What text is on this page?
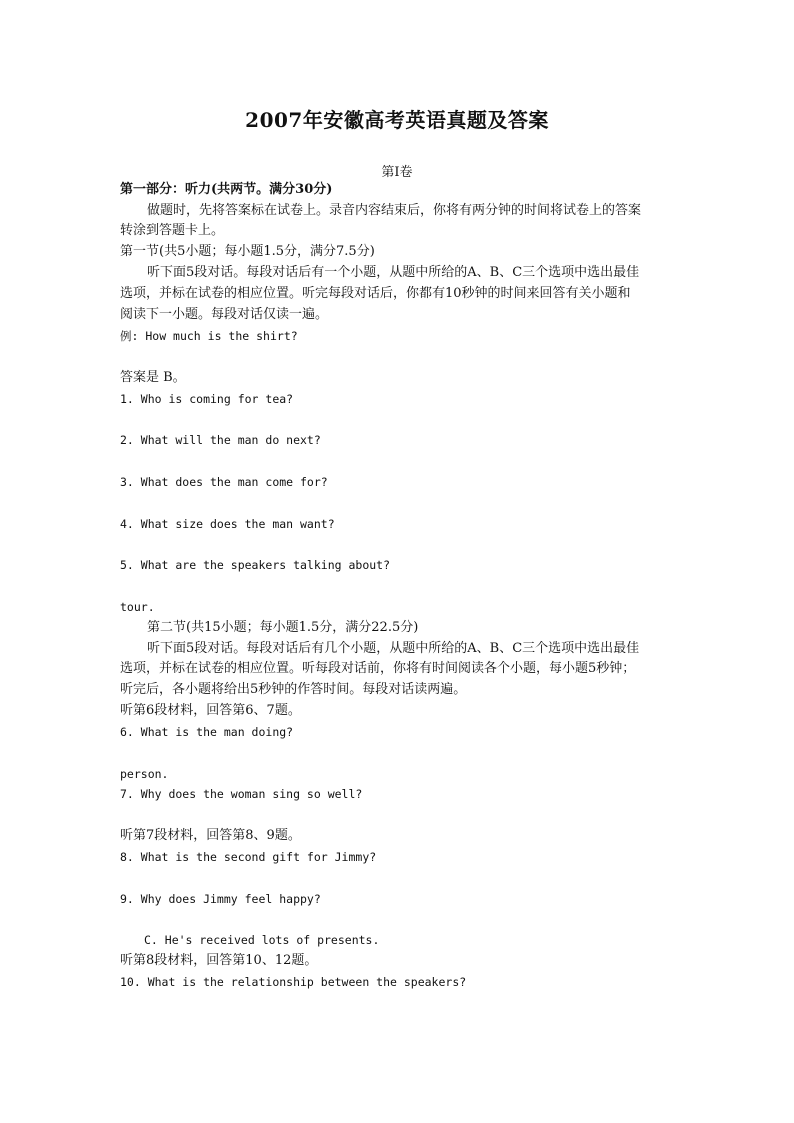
2007年安徽高考英语真题及答案
第Ⅰ卷
第一部分：听力(共两节。满分30分)
做题时，先将答案标在试卷上。录音内容结束后，你将有两分钟的时间将试卷上的答案
转涂到答题卡上。
第一节(共5小题；每小题1.5分，满分7.5分)
听下面5段对话。每段对话后有一个小题，从题中所给的A、B、C三个选项中选出最佳
选项，并标在试卷的相应位置。听完每段对话后，你都有10秒钟的时间来回答有关小题和
阅读下一小题。每段对话仅读一遍。
例: How much is the shirt?
答案是 B。
1. Who is coming for tea?
2. What will the man do next?
3. What does the man come for?
4. What size does the man want?
5. What are the speakers talking about?
tour.
第二节(共15小题；每小题1.5分，满分22.5分)
听下面5段对话。每段对话后有几个小题，从题中所给的A、B、C三个选项中选出最佳
选项，并标在试卷的相应位置。听每段对话前，你将有时间阅读各个小题，每小题5秒钟；
听完后，各小题将给出5秒钟的作答时间。每段对话读两遍。
听第6段材料，回答第6、7题。
6. What is the man doing?
person.
7. Why does the woman sing so well?
听第7段材料，回答第8、9题。
8. What is the second gift for Jimmy?
9. Why does Jimmy feel happy?
C. He's received lots of presents.
听第8段材料，回答第10、12题。
10. What is the relationship between the speakers?
